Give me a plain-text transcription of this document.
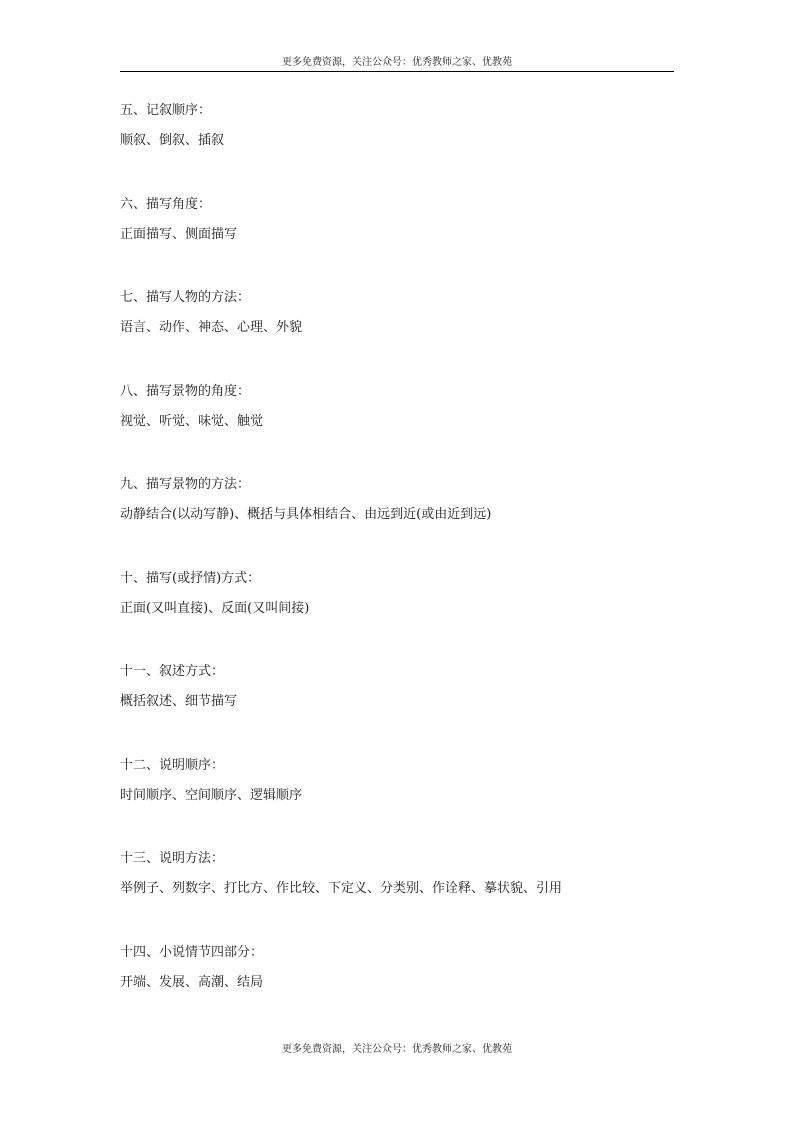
更多免费资源，关注公众号：优秀教师之家、优教苑
五、记叙顺序：
顺叙、倒叙、插叙
六、描写角度：
正面描写、侧面描写
七、描写人物的方法：
语言、动作、神态、心理、外貌
八、描写景物的角度：
视觉、听觉、味觉、触觉
九、描写景物的方法：
动静结合(以动写静)、概括与具体相结合、由远到近(或由近到远)
十、描写(或抒情)方式：
正面(又叫直接)、反面(又叫间接)
十一、叙述方式：
概括叙述、细节描写
十二、说明顺序：
时间顺序、空间顺序、逻辑顺序
十三、说明方法：
举例子、列数字、打比方、作比较、下定义、分类别、作诠释、摹状貌、引用
十四、小说情节四部分：
开端、发展、高潮、结局
更多免费资源，关注公众号：优秀教师之家、优教苑
